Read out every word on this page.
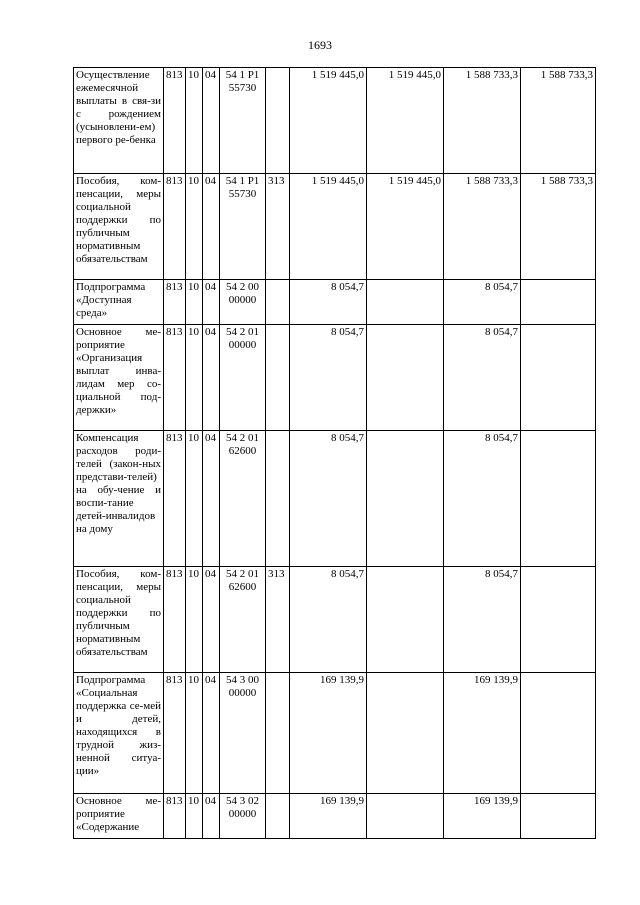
1693
Осуществление ежемесячной выплаты в свя-зи с рождением (усыновлени-ем) первого ре-бенка	813	10	04	54 1 Р1 55730		1 519 445,0	1 519 445,0	1 588 733,3	1 588 733,3
Пособия, ком-пенсации, меры социальной поддержки по публичным нормативным обязательствам	813	10	04	54 1 Р1 55730	313	1 519 445,0	1 519 445,0	1 588 733,3	1 588 733,3
Подпрограмма «Доступная среда»	813	10	04	54 2 00 00000		8 054,7		8 054,7	
Основное ме-роприятие «Организация выплат инва-лидам мер со-циальной под-держки»	813	10	04	54 2 01 00000		8 054,7		8 054,7	
Компенсация расходов роди-телей (закон-ных представи-телей) на обу-чение и воспи-тание детей-инвалидов на дому	813	10	04	54 2 01 62600		8 054,7		8 054,7	
Пособия, ком-пенсации, меры социальной поддержки по публичным нормативным обязательствам	813	10	04	54 2 01 62600	313	8 054,7		8 054,7	
Подпрограмма «Социальная поддержка се-мей и детей, находящихся в трудной жиз-ненной ситуа-ции»	813	10	04	54 3 00 00000		169 139,9		169 139,9	
Основное ме-роприятие «Содержание	813	10	04	54 3 02 00000		169 139,9		169 139,9	
